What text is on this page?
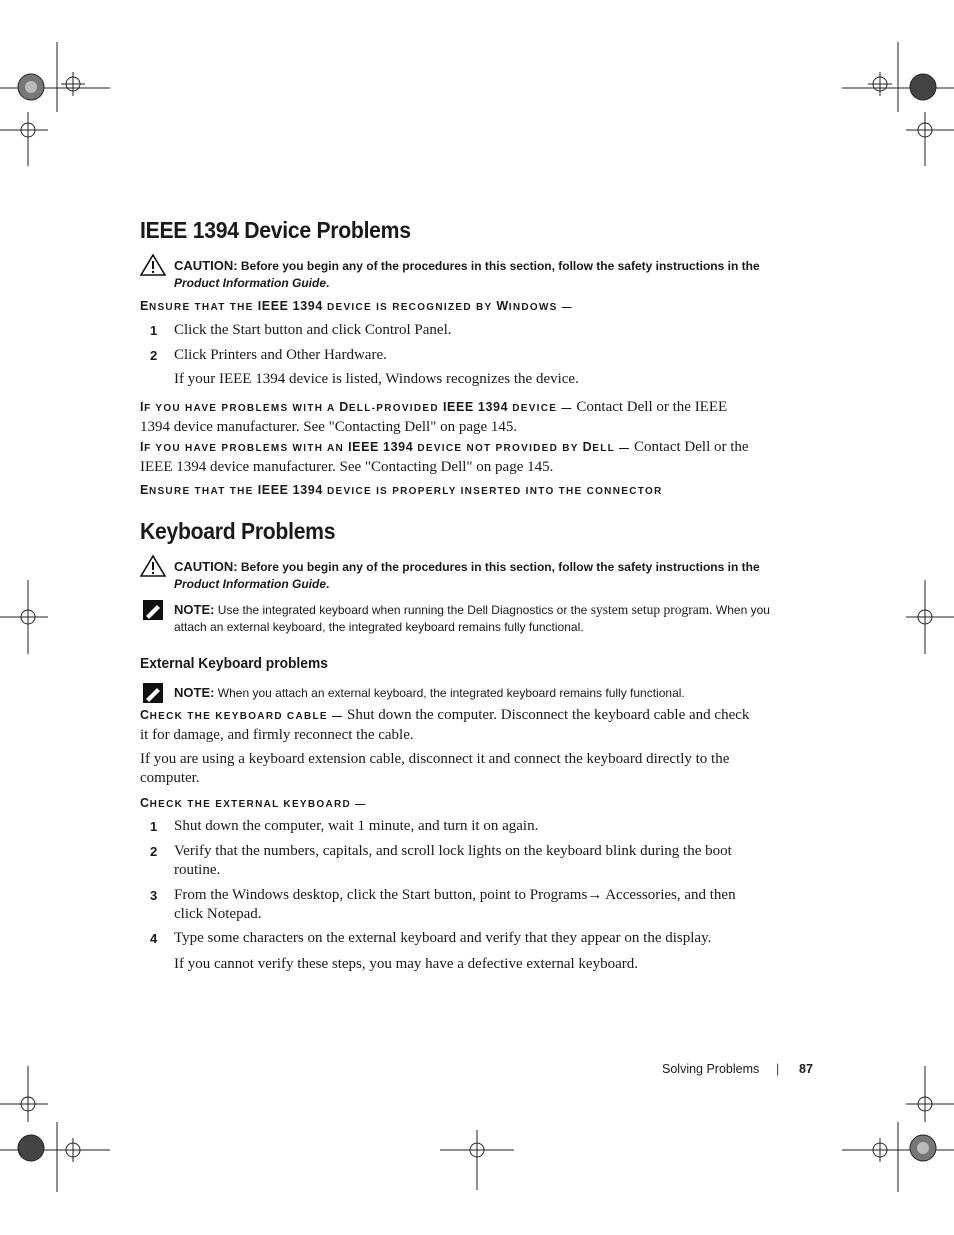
IEEE 1394 Device Problems
CAUTION: Before you begin any of the procedures in this section, follow the safety instructions in the Product Information Guide.
ENSURE THAT THE IEEE 1394 DEVICE IS RECOGNIZED BY WINDOWS —
1 Click the Start button and click Control Panel.
2 Click Printers and Other Hardware.
If your IEEE 1394 device is listed, Windows recognizes the device.
IF YOU HAVE PROBLEMS WITH A DELL-PROVIDED IEEE 1394 DEVICE — Contact Dell or the IEEE 1394 device manufacturer. See "Contacting Dell" on page 145.
IF YOU HAVE PROBLEMS WITH AN IEEE 1394 DEVICE NOT PROVIDED BY DELL — Contact Dell or the IEEE 1394 device manufacturer. See "Contacting Dell" on page 145.
ENSURE THAT THE IEEE 1394 DEVICE IS PROPERLY INSERTED INTO THE CONNECTOR
Keyboard Problems
CAUTION: Before you begin any of the procedures in this section, follow the safety instructions in the Product Information Guide.
NOTE: Use the integrated keyboard when running the Dell Diagnostics or the system setup program. When you attach an external keyboard, the integrated keyboard remains fully functional.
External Keyboard problems
NOTE: When you attach an external keyboard, the integrated keyboard remains fully functional.
CHECK THE KEYBOARD CABLE — Shut down the computer. Disconnect the keyboard cable and check it for damage, and firmly reconnect the cable.
If you are using a keyboard extension cable, disconnect it and connect the keyboard directly to the computer.
CHECK THE EXTERNAL KEYBOARD —
1 Shut down the computer, wait 1 minute, and turn it on again.
2 Verify that the numbers, capitals, and scroll lock lights on the keyboard blink during the boot routine.
3 From the Windows desktop, click the Start button, point to Programs→ Accessories, and then click Notepad.
4 Type some characters on the external keyboard and verify that they appear on the display.
If you cannot verify these steps, you may have a defective external keyboard.
Solving Problems | 87
